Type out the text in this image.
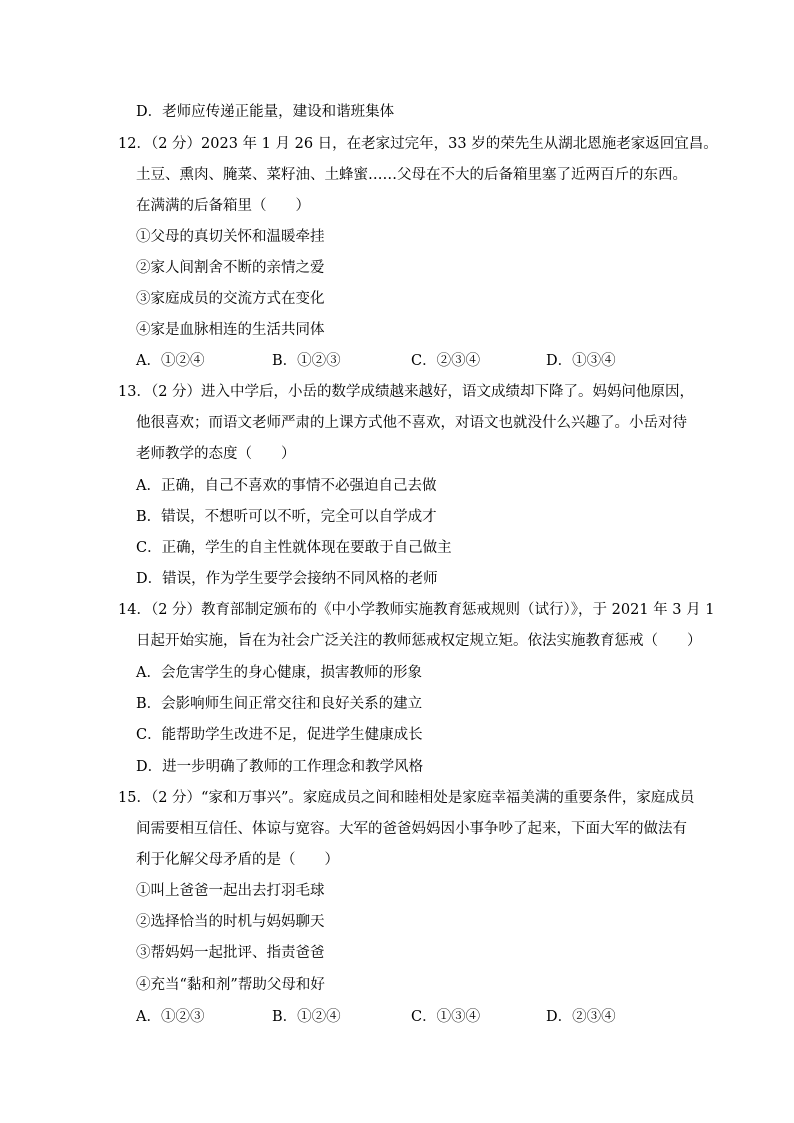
D．老师应传递正能量，建设和谐班集体
12．（2 分）2023 年 1 月 26 日，在老家过完年，33 岁的荣先生从湖北恩施老家返回宜昌。
土豆、熏肉、腌菜、菜籽油、土蜂蜜……父母在不大的后备箱里塞了近两百斤的东西。
在满满的后备箱里（　　）
①父母的真切关怀和温暖牵挂
②家人间割舍不断的亲情之爱
③家庭成员的交流方式在变化
④家是血脉相连的生活共同体
A．①②④	B．①②③	C．②③④	D．①③④
13．（2 分）进入中学后，小岳的数学成绩越来越好，语文成绩却下降了。妈妈问他原因，
他很喜欢；而语文老师严肃的上课方式他不喜欢，对语文也就没什么兴趣了。小岳对待
老师教学的态度（　　）
A．正确，自己不喜欢的事情不必强迫自己去做
B．错误，不想听可以不听，完全可以自学成才
C．正确，学生的自主性就体现在要敢于自己做主
D．错误，作为学生要学会接纳不同风格的老师
14．（2 分）教育部制定颁布的《中小学教师实施教育惩戒规则（试行）》，于 2021 年 3 月 1
日起开始实施，旨在为社会广泛关注的教师惩戒权定规立矩。依法实施教育惩戒（　　）
A．会危害学生的身心健康，损害教师的形象
B．会影响师生间正常交往和良好关系的建立
C．能帮助学生改进不足，促进学生健康成长
D．进一步明确了教师的工作理念和教学风格
15．（2 分）“家和万事兴”。家庭成员之间和睦相处是家庭幸福美满的重要条件，家庭成员
间需要相互信任、体谅与宽容。大军的爸爸妈妈因小事争吵了起来，下面大军的做法有
利于化解父母矛盾的是（　　）
①叫上爸爸一起出去打羽毛球
②选择恰当的时机与妈妈聊天
③帮妈妈一起批评、指责爸爸
④充当“黏和剂”帮助父母和好
A．①②③	B．①②④	C．①③④	D．②③④
